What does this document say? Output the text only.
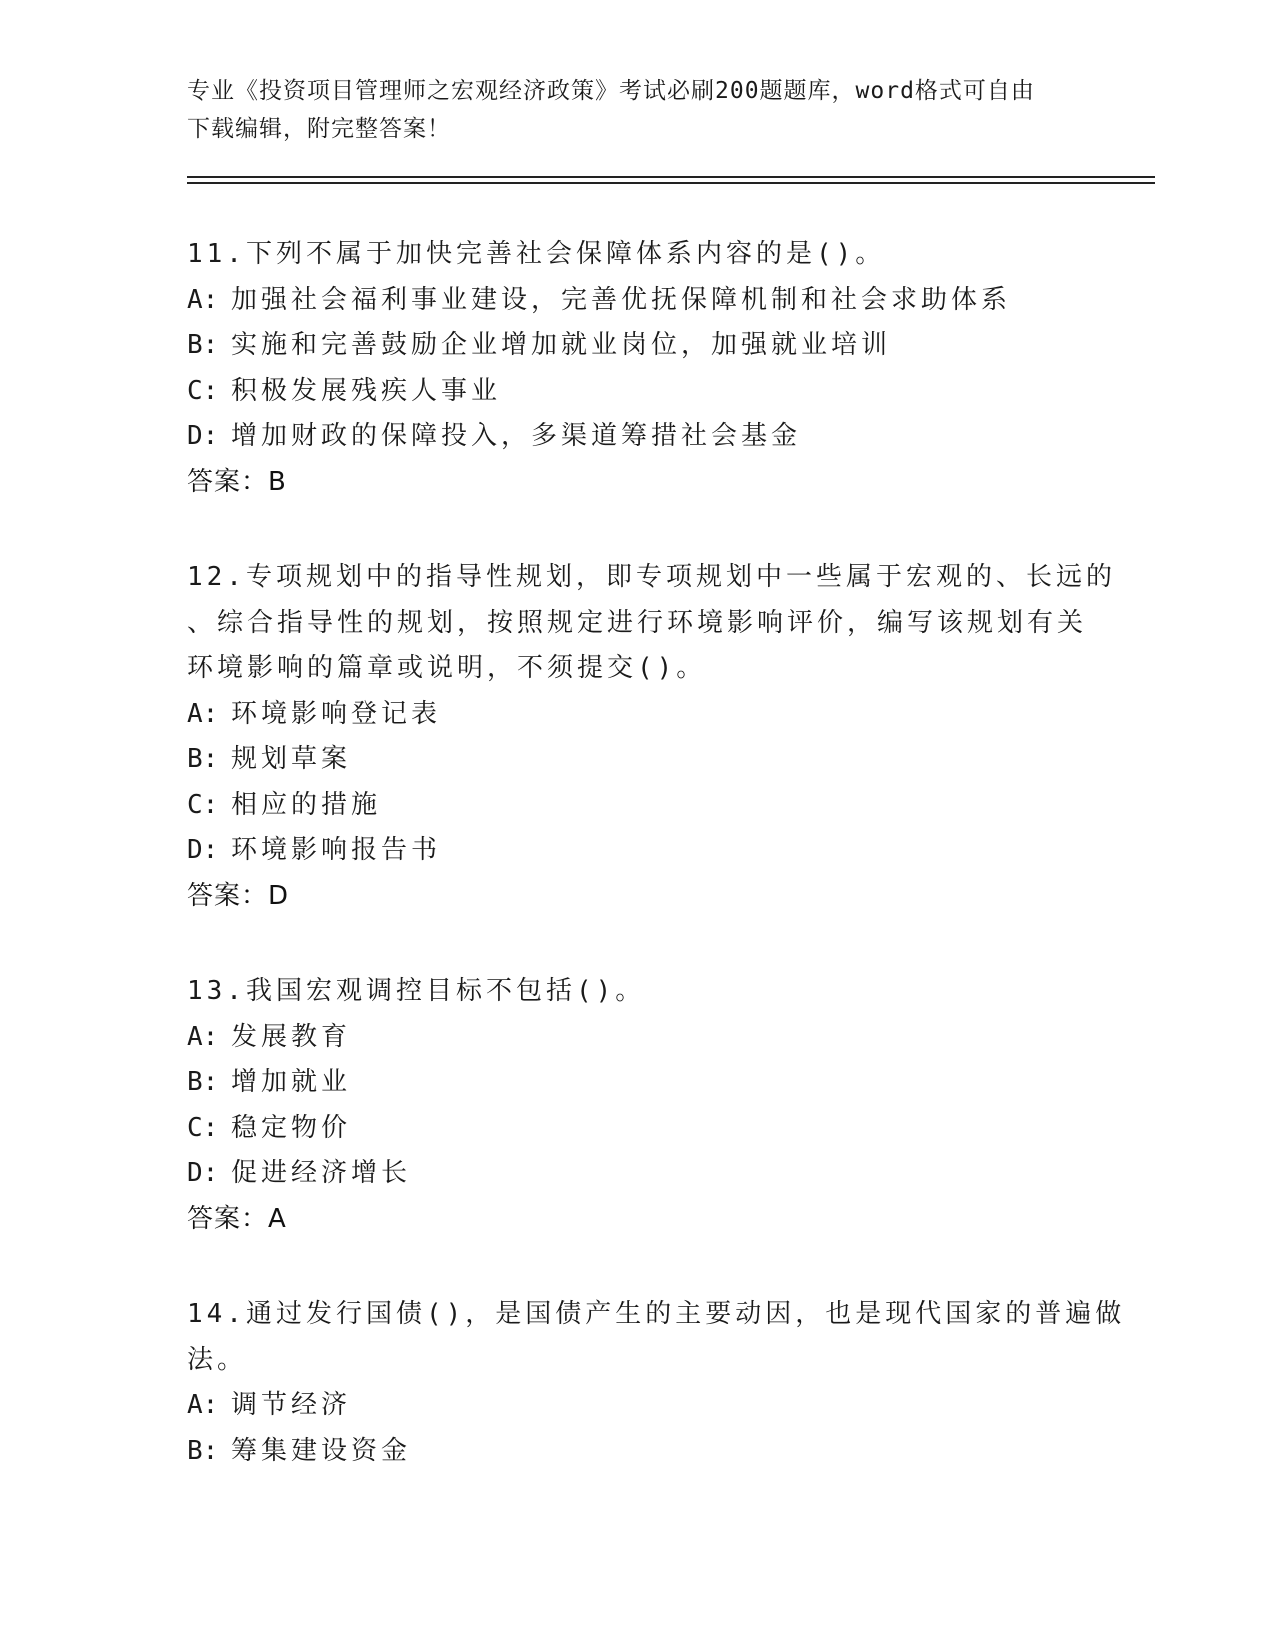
专业《投资项目管理师之宏观经济政策》考试必刷200题题库，word格式可自由
下载编辑，附完整答案！
11.下列不属于加快完善社会保障体系内容的是()。
A: 加强社会福利事业建设，完善优抚保障机制和社会求助体系
B: 实施和完善鼓励企业增加就业岗位，加强就业培训
C: 积极发展残疾人事业
D: 增加财政的保障投入，多渠道筹措社会基金
答案：B
12.专项规划中的指导性规划，即专项规划中一些属于宏观的、长远的
、综合指导性的规划，按照规定进行环境影响评价，编写该规划有关
环境影响的篇章或说明，不须提交()。
A: 环境影响登记表
B: 规划草案
C: 相应的措施
D: 环境影响报告书
答案：D
13.我国宏观调控目标不包括()。
A: 发展教育
B: 增加就业
C: 稳定物价
D: 促进经济增长
答案：A
14.通过发行国债()，是国债产生的主要动因，也是现代国家的普遍做
法。
A: 调节经济
B: 筹集建设资金
